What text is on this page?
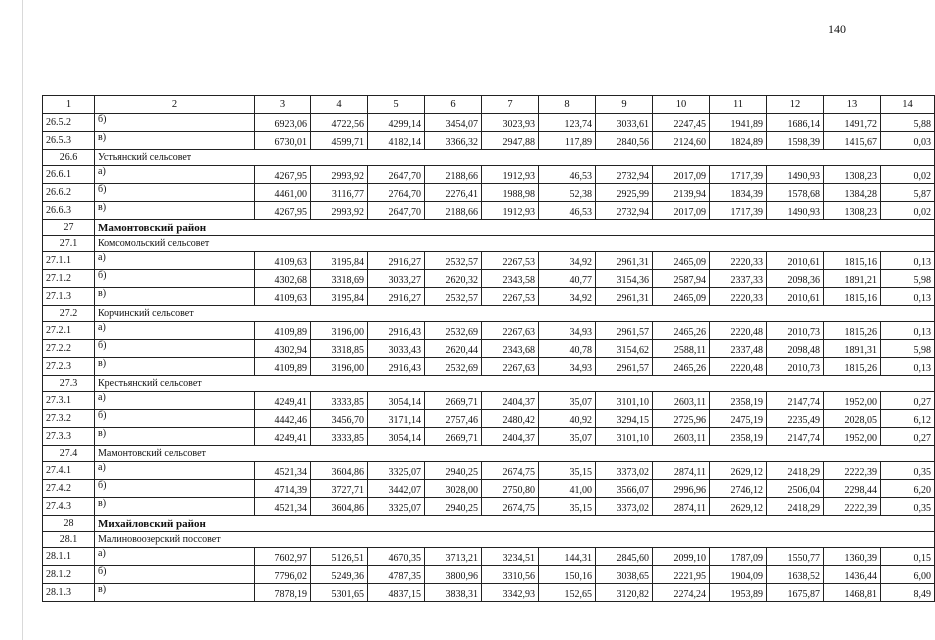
140
1	2	3	4	5	6	7	8	9	10	11	12	13	14
26.5.2	б)	6923,06	4722,56	4299,14	3454,07	3023,93	123,74	3033,61	2247,45	1941,89	1686,14	1491,72	5,88
26.5.3	в)	6730,01	4599,71	4182,14	3366,32	2947,88	117,89	2840,56	2124,60	1824,89	1598,39	1415,67	0,03
26.6	Устьянский сельсовет												
26.6.1	а)	4267,95	2993,92	2647,70	2188,66	1912,93	46,53	2732,94	2017,09	1717,39	1490,93	1308,23	0,02
26.6.2	б)	4461,00	3116,77	2764,70	2276,41	1988,98	52,38	2925,99	2139,94	1834,39	1578,68	1384,28	5,87
26.6.3	в)	4267,95	2993,92	2647,70	2188,66	1912,93	46,53	2732,94	2017,09	1717,39	1490,93	1308,23	0,02
27	Мамонтовский район												
27.1	Комсомольский сельсовет												
27.1.1	а)	4109,63	3195,84	2916,27	2532,57	2267,53	34,92	2961,31	2465,09	2220,33	2010,61	1815,16	0,13
27.1.2	б)	4302,68	3318,69	3033,27	2620,32	2343,58	40,77	3154,36	2587,94	2337,33	2098,36	1891,21	5,98
27.1.3	в)	4109,63	3195,84	2916,27	2532,57	2267,53	34,92	2961,31	2465,09	2220,33	2010,61	1815,16	0,13
27.2	Корчинский сельсовет												
27.2.1	а)	4109,89	3196,00	2916,43	2532,69	2267,63	34,93	2961,57	2465,26	2220,48	2010,73	1815,26	0,13
27.2.2	б)	4302,94	3318,85	3033,43	2620,44	2343,68	40,78	3154,62	2588,11	2337,48	2098,48	1891,31	5,98
27.2.3	в)	4109,89	3196,00	2916,43	2532,69	2267,63	34,93	2961,57	2465,26	2220,48	2010,73	1815,26	0,13
27.3	Крестьянский сельсовет												
27.3.1	а)	4249,41	3333,85	3054,14	2669,71	2404,37	35,07	3101,10	2603,11	2358,19	2147,74	1952,00	0,27
27.3.2	б)	4442,46	3456,70	3171,14	2757,46	2480,42	40,92	3294,15	2725,96	2475,19	2235,49	2028,05	6,12
27.3.3	в)	4249,41	3333,85	3054,14	2669,71	2404,37	35,07	3101,10	2603,11	2358,19	2147,74	1952,00	0,27
27.4	Мамонтовский сельсовет												
27.4.1	а)	4521,34	3604,86	3325,07	2940,25	2674,75	35,15	3373,02	2874,11	2629,12	2418,29	2222,39	0,35
27.4.2	б)	4714,39	3727,71	3442,07	3028,00	2750,80	41,00	3566,07	2996,96	2746,12	2506,04	2298,44	6,20
27.4.3	в)	4521,34	3604,86	3325,07	2940,25	2674,75	35,15	3373,02	2874,11	2629,12	2418,29	2222,39	0,35
28	Михайловский район												
28.1	Малиновоозерский поссовет												
28.1.1	а)	7602,97	5126,51	4670,35	3713,21	3234,51	144,31	2845,60	2099,10	1787,09	1550,77	1360,39	0,15
28.1.2	б)	7796,02	5249,36	4787,35	3800,96	3310,56	150,16	3038,65	2221,95	1904,09	1638,52	1436,44	6,00
28.1.3	в)	7878,19	5301,65	4837,15	3838,31	3342,93	152,65	3120,82	2274,24	1953,89	1675,87	1468,81	8,49
